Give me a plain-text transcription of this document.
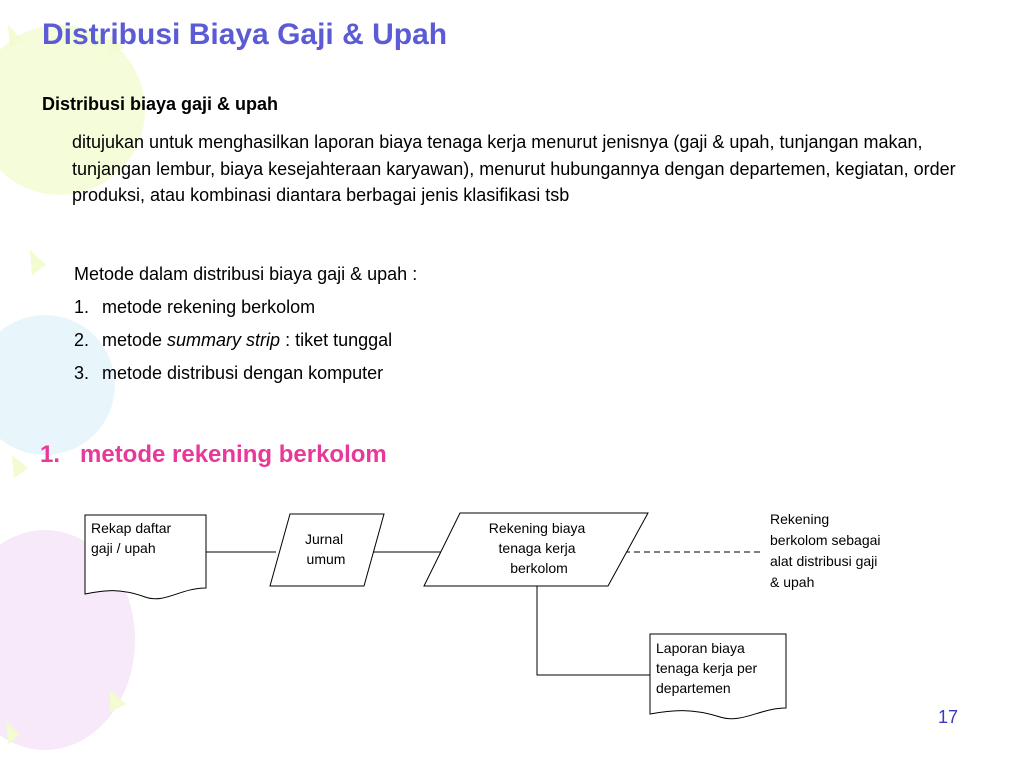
Distribusi Biaya Gaji & Upah
Distribusi biaya gaji & upah
ditujukan untuk menghasilkan laporan biaya tenaga kerja menurut jenisnya (gaji & upah, tunjangan makan, tunjangan lembur, biaya kesejahteraan karyawan), menurut hubungannya dengan departemen, kegiatan, order produksi, atau kombinasi diantara berbagai jenis klasifikasi tsb
Metode dalam distribusi biaya gaji & upah :
1. metode rekening berkolom
2. metode summary strip : tiket tunggal
3. metode distribusi dengan komputer
1. metode rekening berkolom
Rekap daftar gaji / upah
Jurnal umum
Rekening biaya tenaga kerja berkolom
Rekening berkolom sebagai alat distribusi gaji & upah
Laporan biaya tenaga kerja per departemen
17
